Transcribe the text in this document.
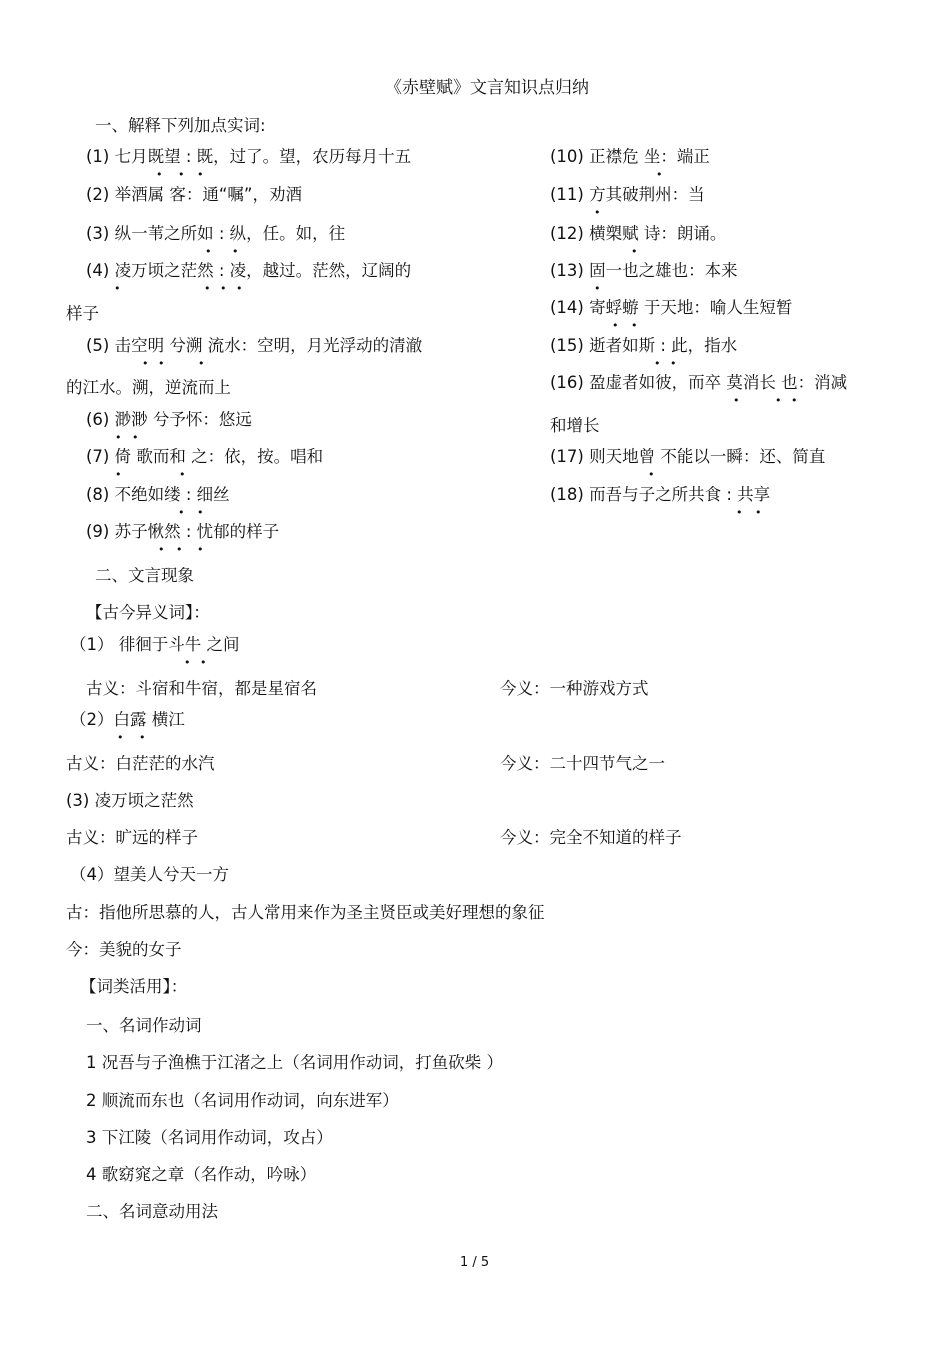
《赤壁赋》文言知识点归纳
一、解释下列加点实词:
(1) 七月既望 : 既，过了。望，农历每月十五
(2) 举酒属 客：通“嘱”，劝酒
(3) 纵一苇之所如 : 纵，任。如，往
(4) 凌万顷之茫然 : 凌，越过。茫然，辽阔的
样子
(5) 击空明 兮溯 流水：空明，月光浮动的清澈
的江水。溯，逆流而上
(6) 渺渺 兮予怀：悠远
(7) 倚 歌而和 之：依，按。唱和
(8) 不绝如缕 : 细丝
(9) 苏子愀然 : 忧郁的样子
(10) 正襟危 坐：端正
(11) 方其破荆州：当
(12) 横槊赋 诗：朗诵。
(13) 固一也之雄也：本来
(14) 寄蜉蝣 于天地：喻人生短暂
(15) 逝者如斯 : 此，指水
(16) 盈虚者如彼，而卒 莫消长 也：消减
和增长
(17) 则天地曾 不能以一瞬：还、简直
(18) 而吾与子之所共食 : 共享
• • •
• •
•	• • •
• •	•
• •
•	•
• •
• • •
•
•
•
•
• •
• •
•	• •
•
• •
• •
• •
二、文言现象
【古今异义词】：
（1） 徘徊于斗牛 之间
古义：斗宿和牛宿，都是星宿名	今义：一种游戏方式
（2）白露 横江
古义：白茫茫的水汽	今义：二十四节气之一
(3) 凌万顷之茫然
古义：旷远的样子	今义：完全不知道的样子
（4）望美人兮天一方
古：指他所思慕的人，古人常用来作为圣主贤臣或美好理想的象征
今：美貌的女子
【词类活用】：
一、名词作动词
1 况吾与子渔樵于江渚之上（名词用作动词，打鱼砍柴 ）
2 顺流而东也（名词用作动词，向东进军）
3 下江陵（名词用作动词，攻占）
4 歌窈窕之章（名作动，吟咏）
二、名词意动用法
1 / 5
